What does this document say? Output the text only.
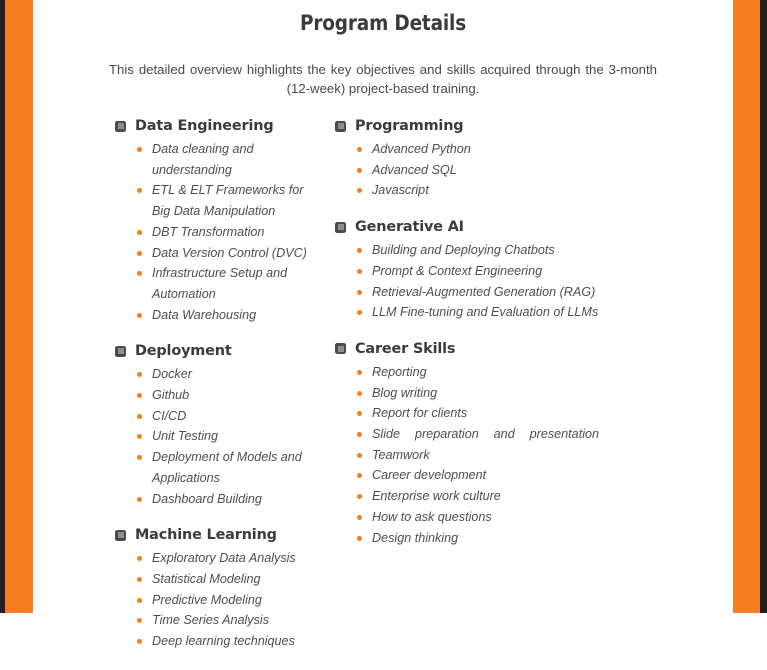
Program Details

This detailed overview highlights the key objectives and skills acquired through the 3-month (12-week) project-based training.

Data Engineering
Data cleaning and understanding
ETL & ELT Frameworks for
Big Data Manipulation
DBT Transformation
Data Version Control (DVC)
Infrastructure Setup and Automation
Data Warehousing
Deployment
Docker
Github
CI/CD
Unit Testing
Deployment of Models and Applications
Dashboard Building
Machine Learning
Exploratory Data Analysis
Statistical Modeling
Predictive Modeling
Time Series Analysis
Deep learning techniques
Programming
Advanced Python
Advanced SQL
Javascript
Generative AI
Building and Deploying Chatbots
Prompt & Context Engineering
Retrieval-Augmented Generation (RAG)
LLM Fine-tuning and Evaluation of LLMs
Career Skills
Reporting
Blog writing
Report for clients
Slide preparation and presentation
Teamwork
Career development
Enterprise work culture
How to ask questions
Design thinking
